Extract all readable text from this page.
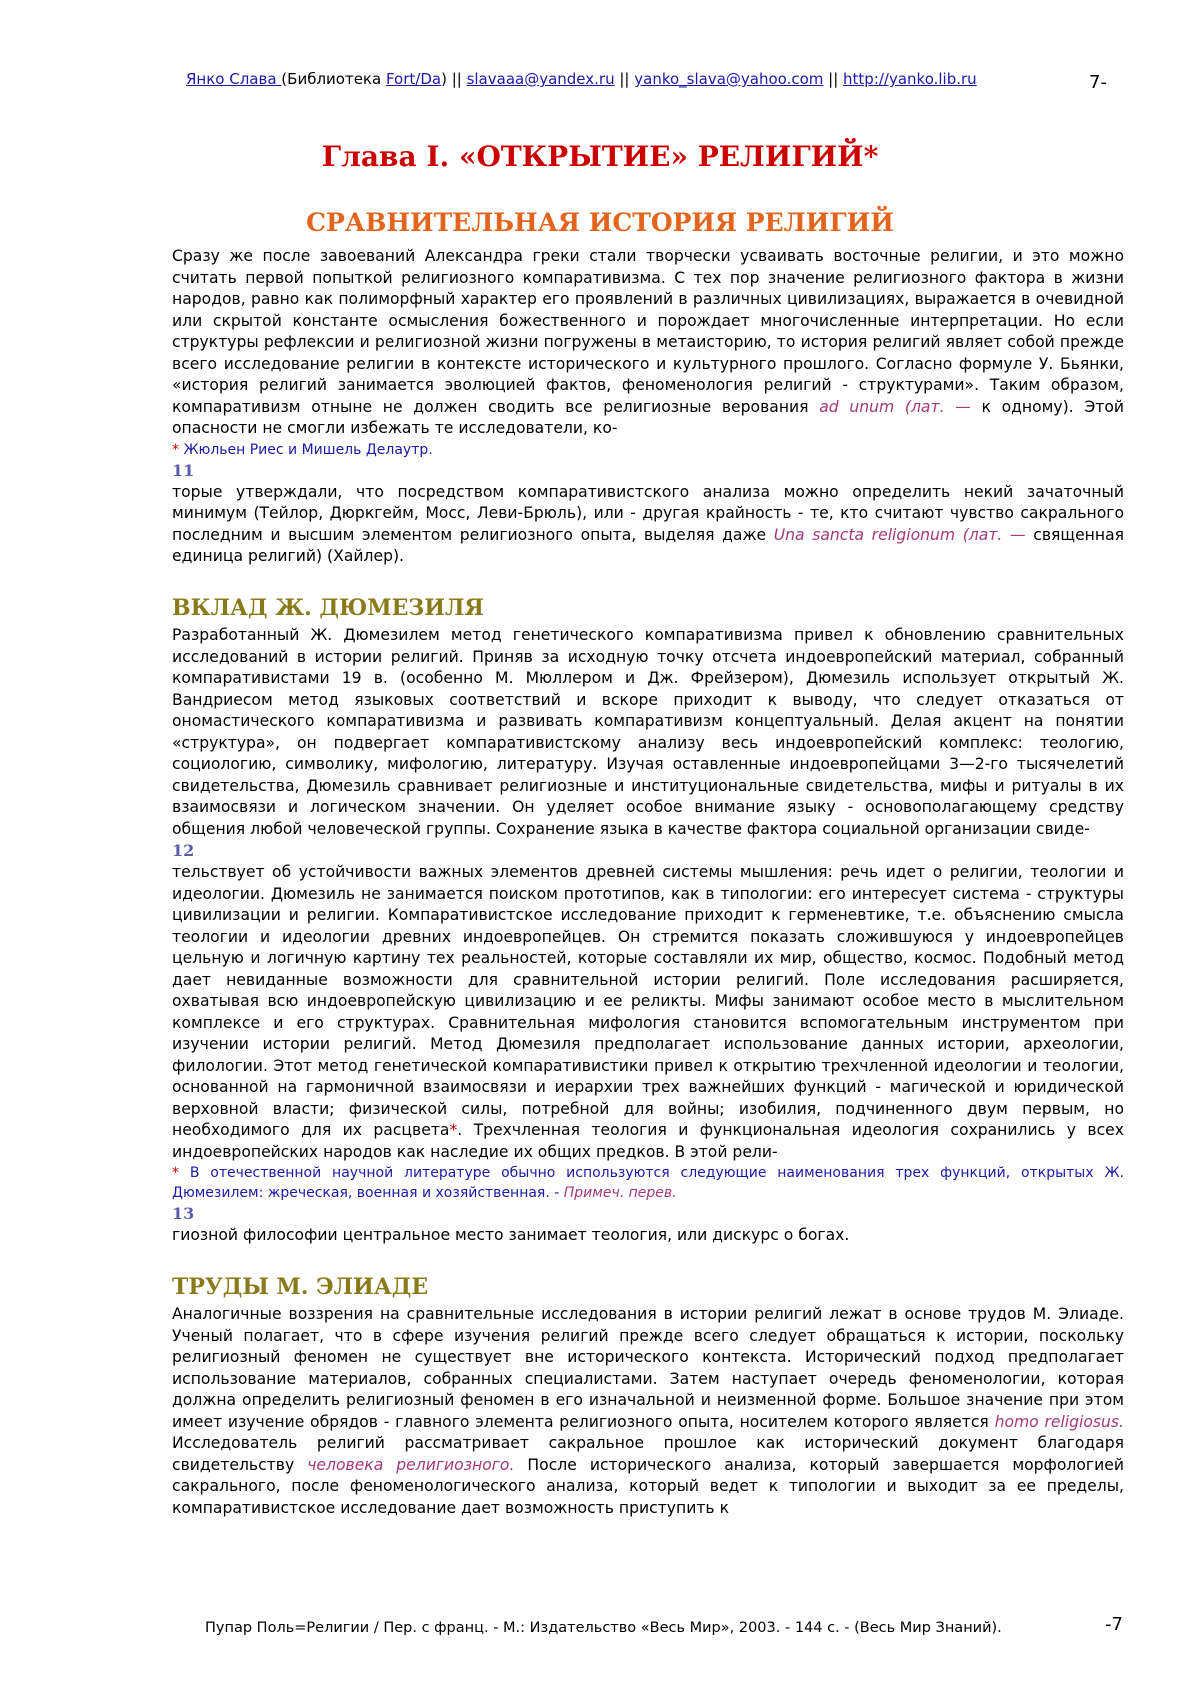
Янко Слава (Библиотека Fort/Da) || slavaaa@yandex.ru || yanko_slava@yahoo.com || http://yanko.lib.ru	7-
Глава I. «ОТКРЫТИЕ» РЕЛИГИЙ*
СРАВНИТЕЛЬНАЯ ИСТОРИЯ РЕЛИГИЙ

Сразу же после завоеваний Александра греки стали творчески усваивать восточные религии, и это можно считать первой попыткой религиозного компаративизма. С тех пор значение религиозного фактора в жизни народов, равно как полиморфный характер его проявлений в различных цивилизациях, выражается в очевидной или скрытой константе осмысления божественного и порождает многочисленные интерпретации. Но если структуры рефлексии и религиозной жизни погружены в метаисторию, то история религий являет собой прежде всего исследование религии в контексте исторического и культурного прошлого. Согласно формуле У. Бьянки, «история религий занимается эволюцией фактов, феноменология религий - структурами». Таким образом, компаративизм отныне не должен сводить все религиозные верования ad unum (лат. — к одному). Этой опасности не смогли избежать те исследователи, ко-

* Жюльен Риес и Мишель Делаутр.
11

торые утверждали, что посредством компаративистского анализа можно определить некий зачаточный минимум (Тейлор, Дюркгейм, Мосс, Леви-Брюль), или - другая крайность - те, кто считают чувство сакрального последним и высшим элементом религиозного опыта, выделяя даже Una sancta religionum (лат. — священная единица религий) (Хайлер).

ВКЛАД Ж. ДЮМЕЗИЛЯ

Разработанный Ж. Дюмезилем метод генетического компаративизма привел к обновлению сравнительных исследований в истории религий. Приняв за исходную точку отсчета индоевропейский материал, собранный компаративистами 19 в. (особенно М. Мюллером и Дж. Фрейзером), Дюмезиль использует открытый Ж. Вандриесом метод языковых соответствий и вскоре приходит к выводу, что следует отказаться от ономастического компаративизма и развивать компаративизм концептуальный. Делая акцент на понятии «структура», он подвергает компаративистскому анализу весь индоевропейский комплекс: теологию, социологию, символику, мифологию, литературу. Изучая оставленные индоевропейцами 3—2-го тысячелетий свидетельства, Дюмезиль сравнивает религиозные и институциональные свидетельства, мифы и ритуалы в их взаимосвязи и логическом значении. Он уделяет особое внимание языку - основополагающему средству общения любой человеческой группы. Сохранение языка в качестве фактора социальной организации свиде-

12

тельствует об устойчивости важных элементов древней системы мышления: речь идет о религии, теологии и идеологии. Дюмезиль не занимается поиском прототипов, как в типологии: его интересует система - структуры цивилизации и религии. Компаративистское исследование приходит к герменевтике, т.е. объяснению смысла теологии и идеологии древних индоевропейцев. Он стремится показать сложившуюся у индоевропейцев цельную и логичную картину тех реальностей, которые составляли их мир, общество, космос. Подобный метод дает невиданные возможности для сравнительной истории религий. Поле исследования расширяется, охватывая всю индоевропейскую цивилизацию и ее реликты. Мифы занимают особое место в мыслительном комплексе и его структурах. Сравнительная мифология становится вспомогательным инструментом при изучении истории религий. Метод Дюмезиля предполагает использование данных истории, археологии, филологии. Этот метод генетической компаративистики привел к открытию трехчленной идеологии и теологии, основанной на гармоничной взаимосвязи и иерархии трех важнейших функций - магической и юридической верховной власти; физической силы, потребной для войны; изобилия, подчиненного двум первым, но необходимого для их расцвета*. Трехчленная теология и функциональная идеология сохранились у всех индоевропейских народов как наследие их общих предков. В этой рели-

* В отечественной научной литературе обычно используются следующие наименования трех функций, открытых Ж. Дюмезилем: жреческая, военная и хозяйственная. - Примеч. перев.
13

гиозной философии центральное место занимает теология, или дискурс о богах.

ТРУДЫ М. ЭЛИАДЕ

Аналогичные воззрения на сравнительные исследования в истории религий лежат в основе трудов М. Элиаде. Ученый полагает, что в сфере изучения религий прежде всего следует обращаться к истории, поскольку религиозный феномен не существует вне исторического контекста. Исторический подход предполагает использование материалов, собранных специалистами. Затем наступает очередь феноменологии, которая должна определить религиозный феномен в его изначальной и неизменной форме. Большое значение при этом имеет изучение обрядов - главного элемента религиозного опыта, носителем которого является homo religiosus. Исследователь религий рассматривает сакральное прошлое как исторический документ благодаря свидетельству человека религиозного. После исторического анализа, который завершается морфологией сакрального, после феноменологического анализа, который ведет к типологии и выходит за ее пределы, компаративистское исследование дает возможность приступить к

Пупар Поль=Религии / Пер. с франц. - М.: Издательство «Весь Мир», 2003. - 144 с. - (Весь Мир Знаний).	-7
